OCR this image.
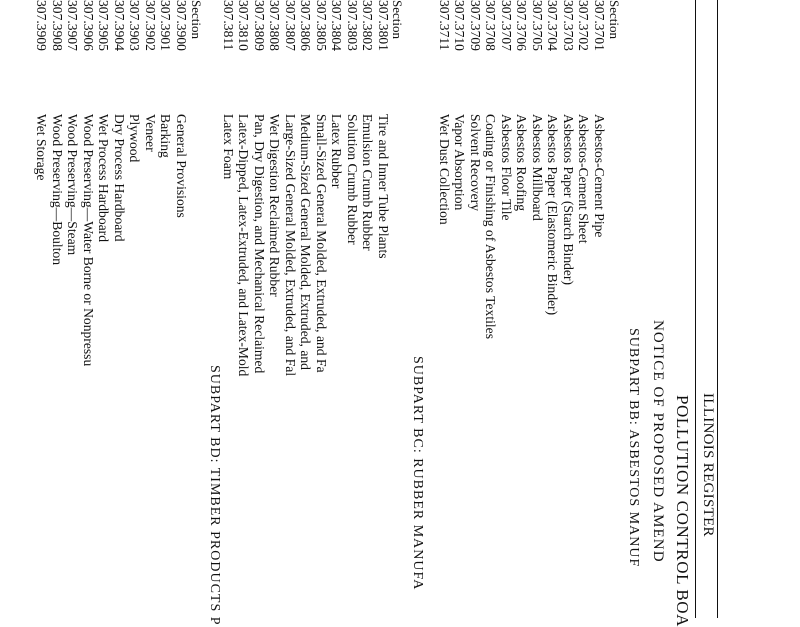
ILLINOIS REGISTER
POLLUTION CONTROL BOA
NOTICE OF PROPOSED AMEND
SUBPART BB: ASBESTOS MANUF
Section
307.3701
Asbestos-Cement Pipe
307.3702
Asbestos-Cement Sheet
307.3703
Asbestos Paper (Starch Binder)
307.3704
Asbestos Paper (Elastomeric Binder)
307.3705
Asbestos Millboard
307.3706
Asbestos Roofing
307.3707
Asbestos Floor Tile
307.3708
Coating or Finishing of Asbestos Textiles
307.3709
Solvent Recovery
307.3710
Vapor Absorption
307.3711
Wet Dust Collection
SUBPART BC: RUBBER MANUFA
Section
307.3801
Tire and Inner Tube Plants
307.3802
Emulsion Crumb Rubber
307.3803
Solution Crumb Rubber
307.3804
Latex Rubber
307.3805
Small-Sized General Molded, Extruded, and Fa
307.3806
Medium-Sized General Molded, Extruded, and
307.3807
Large-Sized General Molded, Extruded, and Fal
307.3808
Wet Digestion Reclaimed Rubber
307.3809
Pan, Dry Digestion, and Mechanical Reclaimed
307.3810
Latex-Dipped, Latex-Extruded, and Latex-Mold
307.3811
Latex Foam
SUBPART BD: TIMBER PRODUCTS P
Section
307.3900
General Provisions
307.3901
Barking
307.3902
Veneer
307.3903
Plywood
307.3904
Dry Process Hardboard
307.3905
Wet Process Hardboard
307.3906
Wood Preserving—Water Borne or Nonpressu
307.3907
Wood Preserving—Steam
307.3908
Wood Preserving—Boulton
307.3909
Wet Storage
